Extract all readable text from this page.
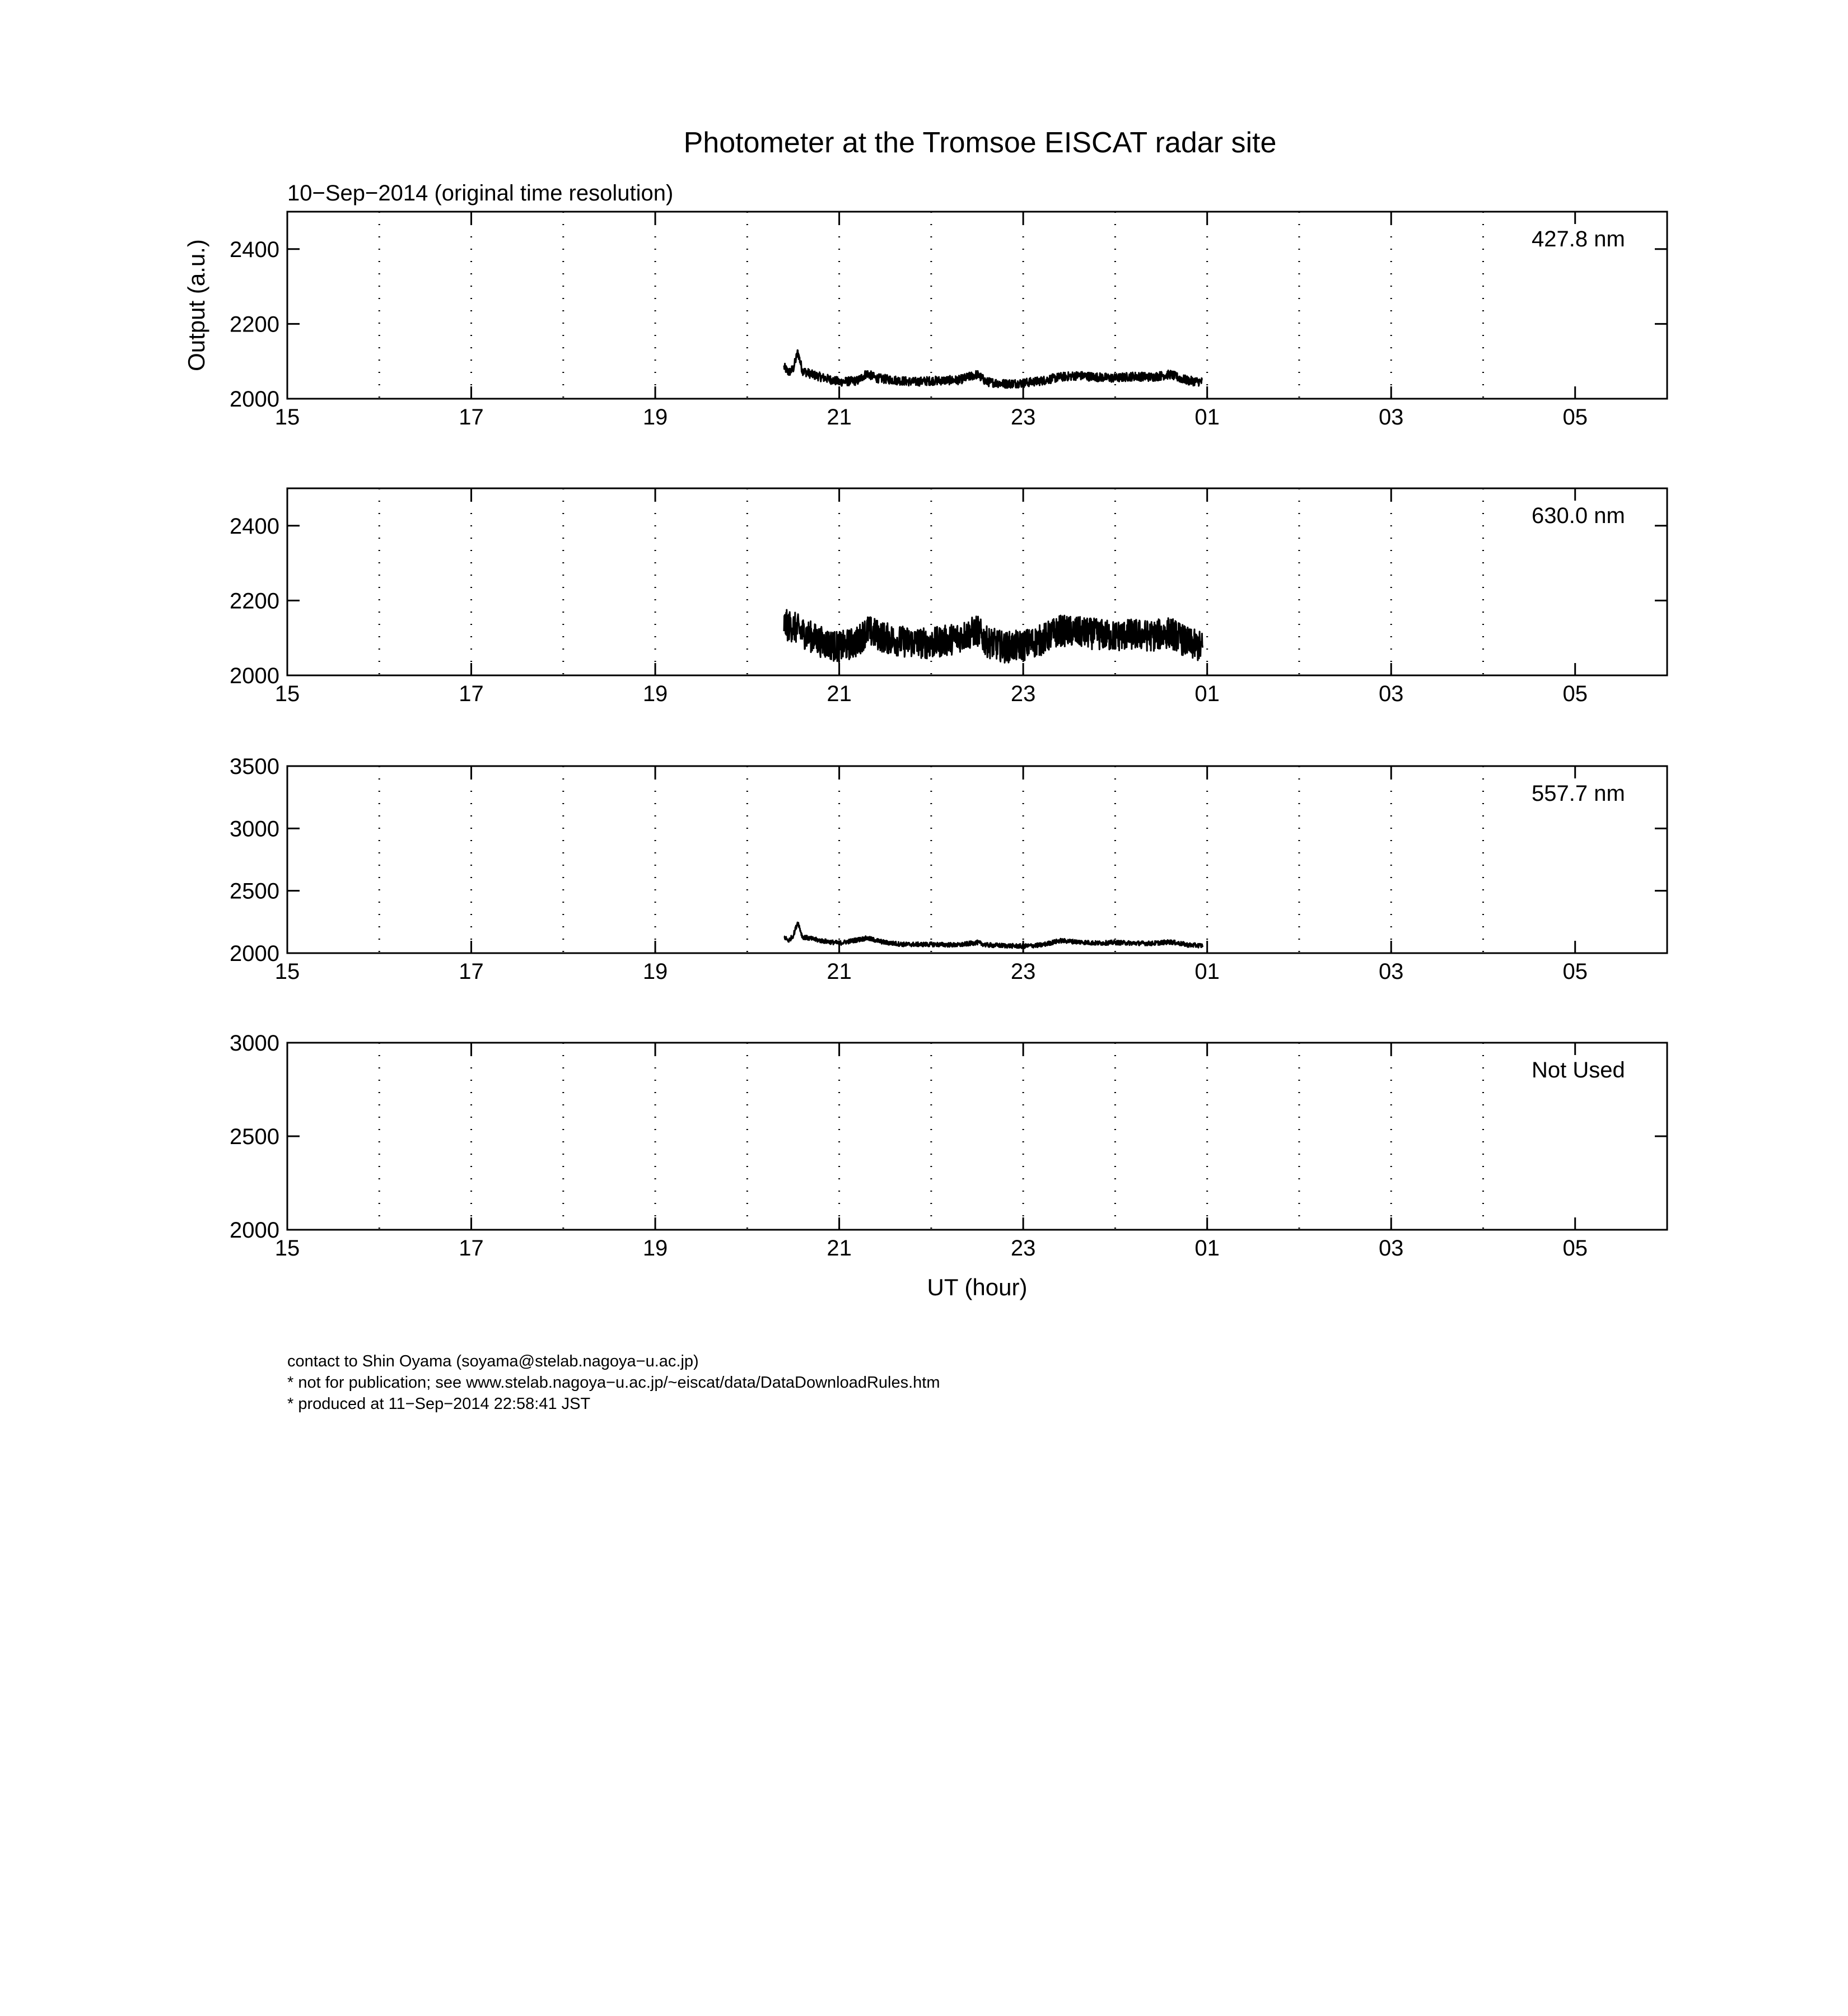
Photometer at the Tromsoe EISCAT radar site
10−Sep−2014 (original time resolution)
Output (a.u.)
UT (hour)
15	17	19	21	23	01	03	05
2000
2200
2400	427.8 nm
15	17	19	21	23	01	03	05
2000
2200
2400	630.0 nm
15	17	19	21	23	01	03	05
2000
2500
3000
3500
557.7 nm
15	17	19	21	23	01	03	05
2000
2500
3000
Not Used
contact to Shin Oyama (soyama@stelab.nagoya−u.ac.jp)
* not for publication; see www.stelab.nagoya−u.ac.jp/~eiscat/data/DataDownloadRules.htm
* produced at 11−Sep−2014 22:58:41 JST
